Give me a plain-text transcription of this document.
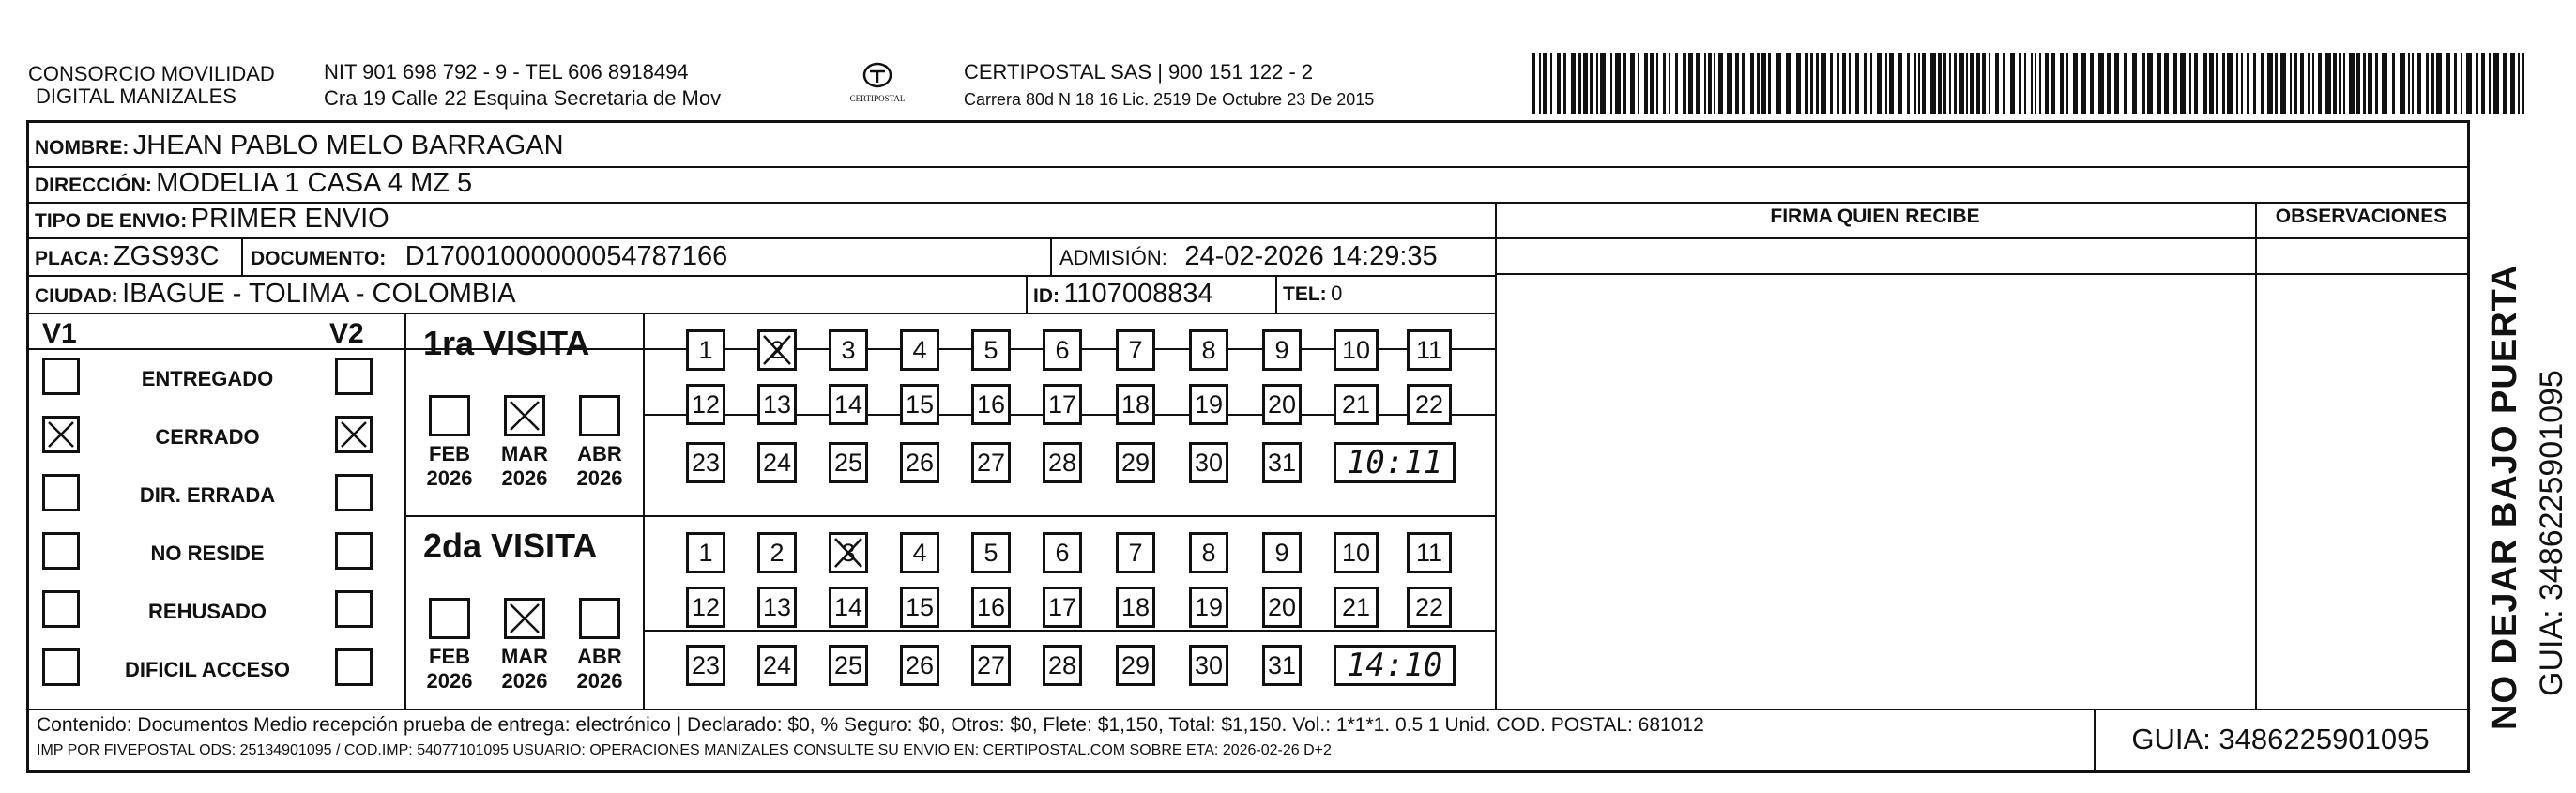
CONSORCIO MOVILIDAD
DIGITAL MANIZALES
NIT 901 698 792 - 9 - TEL 606 8918494
Cra 19 Calle 22 Esquina Secretaria de Mov	CERTIPOSTAL
CERTIPOSTAL SAS | 900 151 122 - 2
Carrera 80d N 18 16 Lic. 2519 De Octubre 23 De 2015
NOMBRE: JHEAN PABLO MELO BARRAGAN
DIRECCIÓN: MODELIA 1 CASA 4 MZ 5
TIPO DE ENVIO: PRIMER ENVIO	FIRMA QUIEN RECIBE	OBSERVACIONES
PLACA: ZGS93C DOCUMENTO: D17001000000054787166	ADMISIÓN: 24-02-2026 14:29:35
CIUDAD: IBAGUE - TOLIMA - COLOMBIA	ID: 1107008834	TEL: 0
V1	V2
ENTREGADO
CERRADO
DIR. ERRADA
NO RESIDE
REHUSADO
DIFICIL ACCESO
1ra VISITA
FEB
2026
MAR
2026
ABR
2026
1	2	3	4	5	6	7	8	9	10	11
12 13 14 15 16 17 18 19 20	21	22
23 24 25 26 27 28 29 30 31 10:11
2da VISITA
FEB
2026
MAR
2026
ABR
2026
1	2	3	4	5	6	7	8	9	10	11
12 13 14 15 16 17 18 19 20	21	22
23 24 25 26 27 28 29 30 31 14:10
Contenido: Documentos Medio recepción prueba de entrega: electrónico | Declarado: $0, % Seguro: $0, Otros: $0, Flete: $1,150, Total: $1,150. Vol.: 1*1*1. 0.5 1 Unid. COD. POSTAL: 681012
IMP POR FIVEPOSTAL ODS: 25134901095 / COD.IMP: 54077101095 USUARIO: OPERACIONES MANIZALES CONSULTE SU ENVIO EN: CERTIPOSTAL.COM SOBRE ETA: 2026-02-26 D+2	GUIA: 3486225901095
NO DEJAR BAJO PUERTA GUIA: 3486225901095
